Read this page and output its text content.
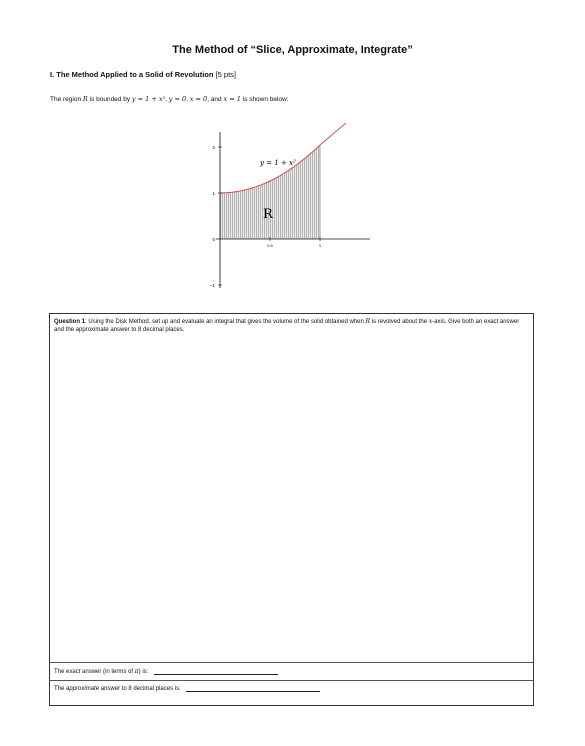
The Method of “Slice, Approximate, Integrate”
I. The Method Applied to a Solid of Revolution [5 pts]
The region R is bounded by y = 1 + x², y = 0, x = 0, and x = 1 is shown below:
2
1
0
−1
0.5	1
y = 1 + x²
R
Question 1: Using the Disk Method, set up and evaluate an integral that gives the volume of the solid obtained when R is revolved about the x-axis. Give both an exact answer and the approximate answer to 8 decimal places.
The exact answer (in terms of π) is:
The approximate answer to 8 decimal places is:
